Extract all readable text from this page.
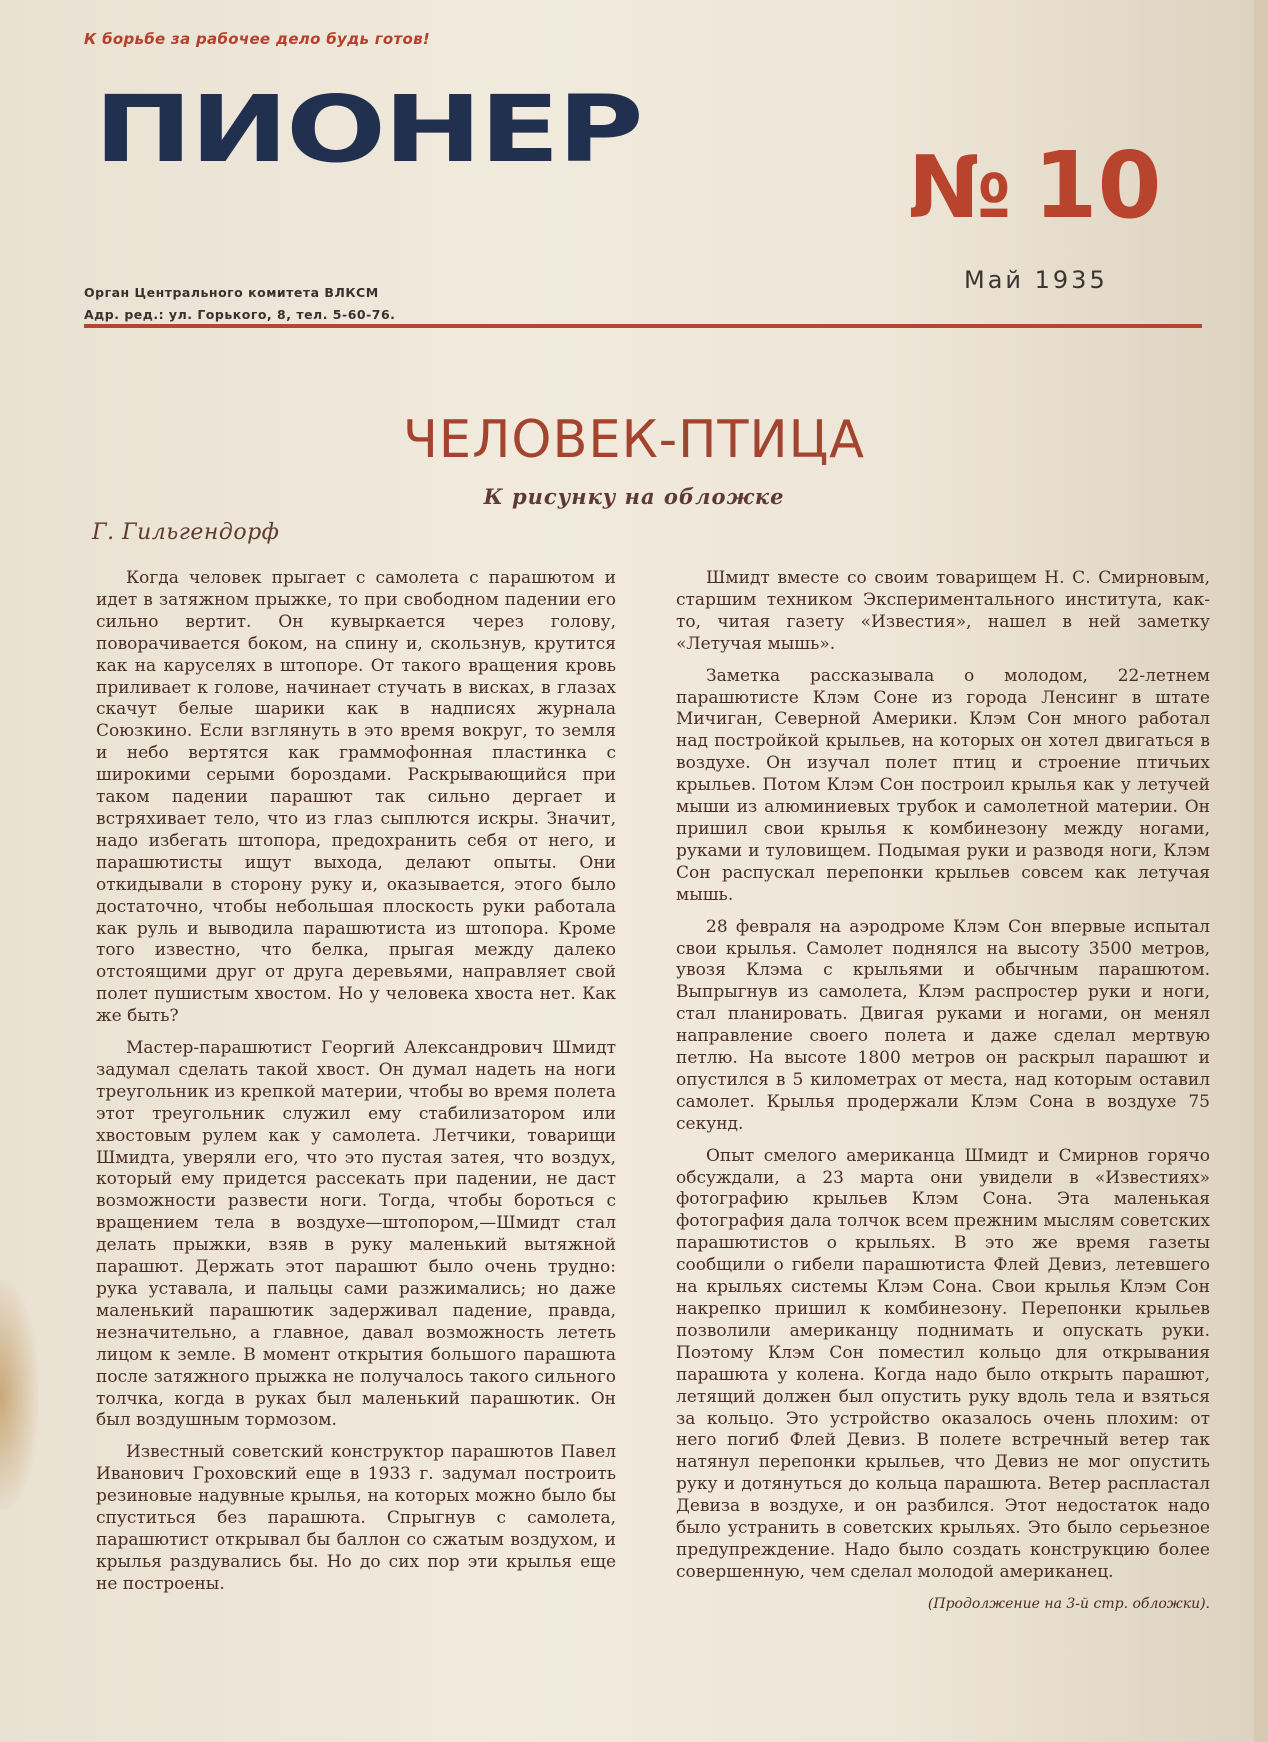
К борьбе за рабочее дело будь готов!

ПИОНЕР
№ 10
Май 1935
Орган Центрального комитета ВЛКСМ
Адр. ред.: ул. Горького, 8, тел. 5-60-76.
ЧЕЛОВЕК-ПТИЦА
К рисунку на обложке
Г. Гильгендорф

Когда человек прыгает с самолета с парашютом и идет в затяжном прыжке, то при свободном падении его сильно вертит. Он кувыркается через голову, поворачивается боком, на спину и, скользнув, крутится как на каруселях в штопоре. От такого вращения кровь приливает к голове, начинает стучать в висках, в глазах скачут белые шарики как в надписях журнала Союзкино. Если взглянуть в это время вокруг, то земля и небо вертятся как граммофонная пластинка с широкими серыми бороздами. Раскрывающийся при таком падении парашют так сильно дергает и встряхивает тело, что из глаз сыплются искры. Значит, надо избегать штопора, предохранить себя от него, и парашютисты ищут выхода, делают опыты. Они откидывали в сторону руку и, оказывается, этого было достаточно, чтобы небольшая плоскость руки работала как руль и выводила парашютиста из штопора. Кроме того известно, что белка, прыгая между далеко отстоящими друг от друга деревьями, направляет свой полет пушистым хвостом. Но у человека хвоста нет. Как же быть?

Мастер-парашютист Георгий Александрович Шмидт задумал сделать такой хвост. Он думал надеть на ноги треугольник из крепкой материи, чтобы во время полета этот треугольник служил ему стабилизатором или хвостовым рулем как у самолета. Летчики, товарищи Шмидта, уверяли его, что это пустая затея, что воздух, который ему придется рассекать при падении, не даст возможности развести ноги. Тогда, чтобы бороться с вращением тела в воздухе—штопором,—Шмидт стал делать прыжки, взяв в руку маленький вытяжной парашют. Держать этот парашют было очень трудно: рука уставала, и пальцы сами разжимались; но даже маленький парашютик задерживал падение, правда, незначительно, а главное, давал возможность лететь лицом к земле. В момент открытия большого парашюта после затяжного прыжка не получалось такого сильного толчка, когда в руках был маленький парашютик. Он был воздушным тормозом.

Известный советский конструктор парашютов Павел Иванович Гроховский еще в 1933 г. задумал построить резиновые надувные крылья, на которых можно было бы спуститься без парашюта. Спрыгнув с самолета, парашютист открывал бы баллон со сжатым воздухом, и крылья раздувались бы. Но до сих пор эти крылья еще не построены.

Шмидт вместе со своим товарищем Н. С. Смирновым, старшим техником Экспериментального института, как-то, читая газету «Известия», нашел в ней заметку «Летучая мышь».

Заметка рассказывала о молодом, 22-летнем парашютисте Клэм Соне из города Ленсинг в штате Мичиган, Северной Америки. Клэм Сон много работал над постройкой крыльев, на которых он хотел двигаться в воздухе. Он изучал полет птиц и строение птичьих крыльев. Потом Клэм Сон построил крылья как у летучей мыши из алюминиевых трубок и самолетной материи. Он пришил свои крылья к комбинезону между ногами, руками и туловищем. Подымая руки и разводя ноги, Клэм Сон распускал перепонки крыльев совсем как летучая мышь.

28 февраля на аэродроме Клэм Сон впервые испытал свои крылья. Самолет поднялся на высоту 3500 метров, увозя Клэма с крыльями и обычным парашютом. Выпрыгнув из самолета, Клэм распростер руки и ноги, стал планировать. Двигая руками и ногами, он менял направление своего полета и даже сделал мертвую петлю. На высоте 1800 метров он раскрыл парашют и опустился в 5 километрах от места, над которым оставил самолет. Крылья продержали Клэм Сона в воздухе 75 секунд.

Опыт смелого американца Шмидт и Смирнов горячо обсуждали, а 23 марта они увидели в «Известиях» фотографию крыльев Клэм Сона. Эта маленькая фотография дала толчок всем прежним мыслям советских парашютистов о крыльях. В это же время газеты сообщили о гибели парашютиста Флей Девиз, летевшего на крыльях системы Клэм Сона. Свои крылья Клэм Сон накрепко пришил к комбинезону. Перепонки крыльев позволили американцу поднимать и опускать руки. Поэтому Клэм Сон поместил кольцо для открывания парашюта у колена. Когда надо было открыть парашют, летящий должен был опустить руку вдоль тела и взяться за кольцо. Это устройство оказалось очень плохим: от него погиб Флей Девиз. В полете встречный ветер так натянул перепонки крыльев, что Девиз не мог опустить руку и дотянуться до кольца парашюта. Ветер распластал Девиза в воздухе, и он разбился. Этот недостаток надо было устранить в советских крыльях. Это было серьезное предупреждение. Надо было создать конструкцию более совершенную, чем сделал молодой американец.

(Продолжение на 3-й стр. обложки).
